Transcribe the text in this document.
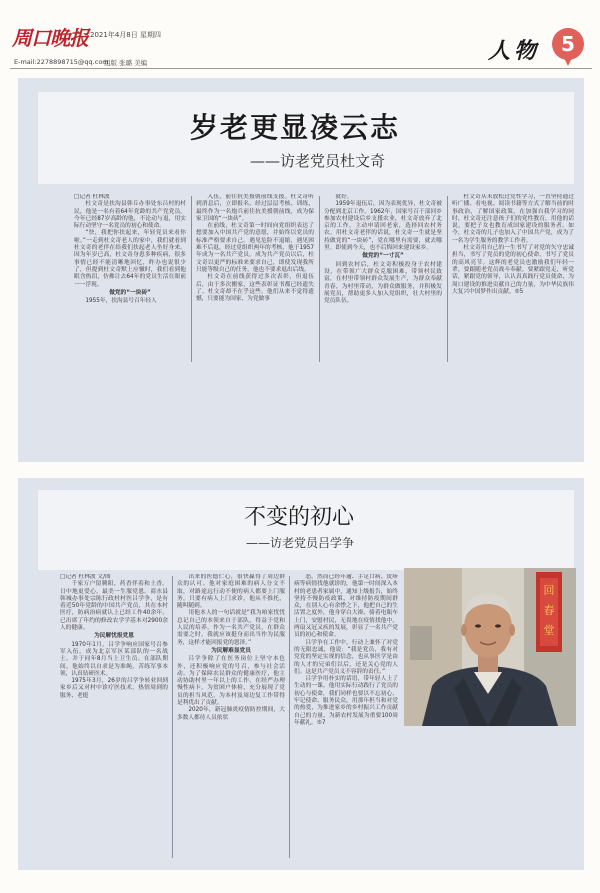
周口晚报 2021年4月8日 星期四
E-mail:2278898715@qq.com
组版 张璐 美编	人物	5
岁老更显凌云志
——访老党员杜文奇

□记者 杜林波

杜文奇是扶沟县韩丘办事处东吕村的村民，他是一名有着64年党龄的共产党党员，今年已经87岁高龄的他，不论动与退，用实际行动坚守一名党员的初心和使命。

“快，我把你扶起来，年轻党员来看你啦。”一走到杜文奇老人的家中，我们就看到杜文奇的老伴在给我们扶起老人坐好身来。因为年岁已高，杜文奇身患多种疾病，很多事情已经不能清晰地回忆，昨办也说很少了，但提到杜文奇默上应辙时，我们看到他眼含热泪，仿佛让去64年的党员生活在眼前一一浮现。

做党的“一块砖”

1955年，扶沟县号召年轻人

入伍，前往抗美援朝前线支援。杜文奇听到消息后，立即报名，经过层层考核、训练，最终作为一名炮兵前往抗美援朝前线，成为保家卫国的“一块砖”。

在前线，杜文奇第一时间向党组织表达了想要加入中国共产党的意愿，并始终以党员的标准严格要求自己。遇见危险不退缩，遇见困难不后退，经过党组织两年的考核，他于1957年成为一名共产党员。成为共产党员以后，杜文奇以更严的标准来要求自己，即使发现我所只能等级自己的任务，他也不要求退出后线。

杜文奇在前线获得过多次表彰，但退伍后，由于多次搬家，这些表彰证书都已经遗失了。杜文奇却不在乎这些。他们从来不觉得遗憾，只要能为国家、为党做事

就好。

1959年退伍后，因为表现优异，杜文奇被分配到北京工作。1962年，国家号召干部回乡参加农村建设后乡支援农业，杜文奇放弃了北京的工作，主动申请回老家，选择回农村务农。用杜文奇老伴的话说，杜文奇一生就是坚持做党的“一块砖”，党在哪里有需要，就去哪里。即使到今天，也不后悔回来建设家乡。

做党的“一寸瓦”

回到农村后，杜文奇积极投身于农村建设，在带领广大群众克服困难，带领村民致富，在村里带领村群众发展生产，为群众奉献青春，为村里带动，为群众做服务，并积极发展党员，帮助更多人加入党组织，壮大村里的党员队伍。

杜文奇从未放松过党性学习，一直坚持通过听广播、看电视、阅读书籍等方式了解当前的时事政治，了解国家政策，在加强自我学习的同时，杜文奇还注意孩子们的党性教育，用他的话说，要把子女也教育成国家建设的服务者。如今，杜文奇的儿子也加入了中国共产党，成为了一名为学生服务的教学工作者。

杜文奇用自己的一生书写了对党的矢守忠诚担当，书写了党员的党的初心使命，书写了党员的高风亮节。这辉的老党员也激励我们年轻一辈，要跟随老党员战斗奉献。要紧跟党走、听党话，紧跟党的领导，认认真真践行党员使命，为周口建设的推进贡献自己的力量，为中华民族伟大复兴中国梦作出贡献。⑤5

不变的初心
——访老党员吕学争

□记者 杜林波 文/图

千家万户留腾阳，药香伴着和土香。日中地更爱心，最美一生服党恩。商水县韩城办事处宗陈行政村村医吕学争，是有着近50年党龄的中国共产党员，其在本村医疗，防病治病就认上已经工作40余年，已出席了年约的修改农学学基本对2900余人的健康。

为民解忧报党恩

1970年1月，吕学争响应国家号召参军入伍，成为北京军区某部队的一名战士。并于同年8月当上卫生员。在部队期间，他始终以自求是为准绳，苦练军事本领，认真钻研医术。

1975年3月，26岁的吕学争转业回到家乡后又对村中诊疗医技术，热情周到的服务、老挺

出来的医德仁心，很快赢得了周边群众的认可。他对家庭困难的病人分文不取，对路途远行动不便的病人都要上门服务。只要有病人上门求诊，他从不推托，随叫随到。

用他本人的一句话就是“我为咱家忧忧总记自己的本领来自于部队，得益于党和人民的培养，作为一名共产党员，在群众需要之时，我就应该挺身而出当作为民服务，这样才能回报党的恩泽。”

为民解难显党员

吕学争除了在医务岗位上坚守本色外，还积极响应党的号召，参与社会活动。为了保障农民群众的健康医疗，他主动协助村里一年以上的工作，在经严办理慢性病卡，为贫困户体检，充分展现了党员的担当风范，为本村及周边复工作带得是利优出了贡献。

2020年，新冠肺炎疫情防控期间，大多数人都待人员依状

态，然而已经年逾、手足口病、皮疹病等病情找他就诊的，他第一时间深入本村的老患者家属中，通知上级报告，始终坚持不慢防疫政策、对维持防疫期间群众，在别人心有余悸之下，他把自己的生活置之度外，他身穿白大褂、骑着电瓶车上门，安慰村民，无畏地在疫情找他中，两扇又冠又疾的发展，彰显了一名共产党员的初心和使命。

吕学争在工作中，行动上兼怀了对党的无限忠诚，他说：“我是党员，我有对党党的坚定实现的信念，也从事医学是由的人才的兄弟们以后，还是关心党的人们。这是共产党员义不容辞的责任。”

吕学争用朴实的话语，带年轻人上了生动的一课。他用实际行动践行了党员的初心与使命，我们同样也要以不忘初心、牢记使命、服务民众，用那年担当和对党的热爱，为推进家乡的乡村振兴工作贡献自己的力量，为新农村发展为重要100周年献礼。⑤7

回
春
堂
